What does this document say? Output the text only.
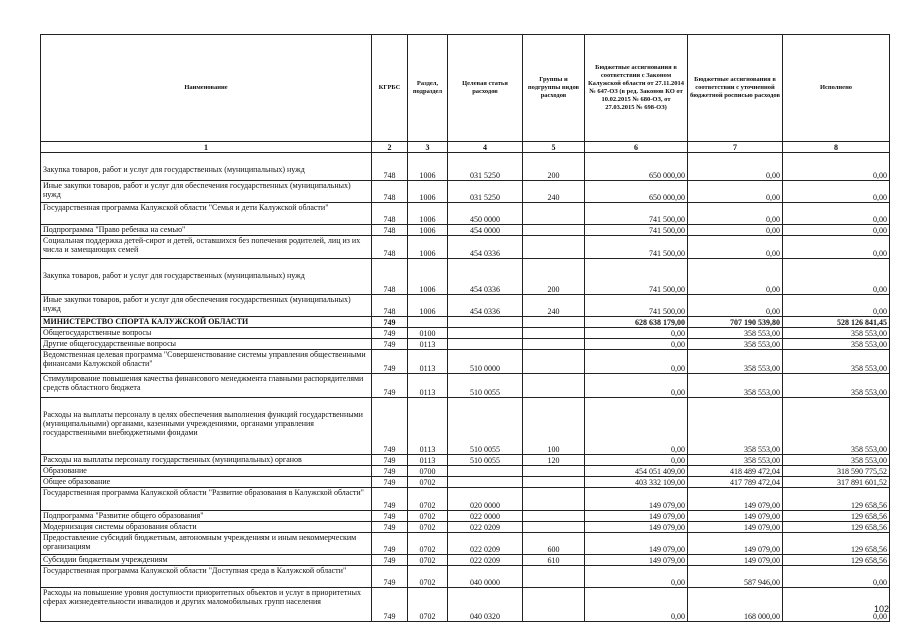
Наименование	КГРБС	Раздел, подраздел	Целевая статья расходов	Группы и подгруппы видов расходов	Бюджетные ассигнования в соответствии с Законом Калужской области от 27.11.2014 № 647-ОЗ (в ред. Законов КО от 10.02.2015 № 680-ОЗ, от 27.03.2015 № 698-ОЗ)	Бюджетные ассигнования в соответствии с уточненной бюджетной росписью расходов	Исполнено
1	2	3	4	5	6	7	8
Закупка товаров, работ и услуг для государственных (муниципальных) нужд	748	1006	031 5250	200	650 000,00	0,00	0,00
Иные закупки товаров, работ и услуг для обеспечения государственных (муниципальных) нужд	748	1006	031 5250	240	650 000,00	0,00	0,00
Государственная программа Калужской области "Семья и дети Калужской области"	748	1006	450 0000		741 500,00	0,00	0,00
Подпрограмма "Право ребенка на семью"	748	1006	454 0000		741 500,00	0,00	0,00
Социальная поддержка детей-сирот и детей, оставшихся без попечения родителей, лиц из их числа и замещающих семей	748	1006	454 0336		741 500,00	0,00	0,00
Закупка товаров, работ и услуг для государственных (муниципальных) нужд	748	1006	454 0336	200	741 500,00	0,00	0,00
Иные закупки товаров, работ и услуг для обеспечения государственных (муниципальных) нужд	748	1006	454 0336	240	741 500,00	0,00	0,00
МИНИСТЕРСТВО СПОРТА КАЛУЖСКОЙ ОБЛАСТИ	749				628 638 179,00	707 190 539,80	528 126 841,45
Общегосударственные вопросы	749	0100			0,00	358 553,00	358 553,00
Другие общегосударственные вопросы	749	0113			0,00	358 553,00	358 553,00
Ведомственная целевая программа "Совершенствование системы управления общественными финансами Калужской области"	749	0113	510 0000		0,00	358 553,00	358 553,00
Стимулирование повышения качества финансового менеджмента главными распорядителями средств областного бюджета	749	0113	510 0055		0,00	358 553,00	358 553,00
Расходы на выплаты персоналу в целях обеспечения выполнения функций государственными (муниципальными) органами, казенными учреждениями, органами управления государственными внебюджетными фондами	749	0113	510 0055	100	0,00	358 553,00	358 553,00
Расходы на выплаты персоналу государственных (муниципальных) органов	749	0113	510 0055	120	0,00	358 553,00	358 553,00
Образование	749	0700			454 051 409,00	418 489 472,04	318 590 775,52
Общее образование	749	0702			403 332 109,00	417 789 472,04	317 891 601,52
Государственная программа Калужской области "Развитие образования в Калужской области"	749	0702	020 0000		149 079,00	149 079,00	129 658,56
Подпрограмма "Развитие общего образования"	749	0702	022 0000		149 079,00	149 079,00	129 658,56
Модернизация системы образования области	749	0702	022 0209		149 079,00	149 079,00	129 658,56
Предоставление субсидий бюджетным, автономным учреждениям и иным некоммерческим организациям	749	0702	022 0209	600	149 079,00	149 079,00	129 658,56
Субсидии бюджетным учреждениям	749	0702	022 0209	610	149 079,00	149 079,00	129 658,56
Государственная программа Калужской области "Доступная среда в Калужской области"	749	0702	040 0000		0,00	587 946,00	0,00
Расходы на повышение уровня доступности приоритетных объектов и услуг в приоритетных сферах жизнедеятельности инвалидов и других маломобильных групп населения	749	0702	040 0320		0,00	168 000,00	0,00
102
